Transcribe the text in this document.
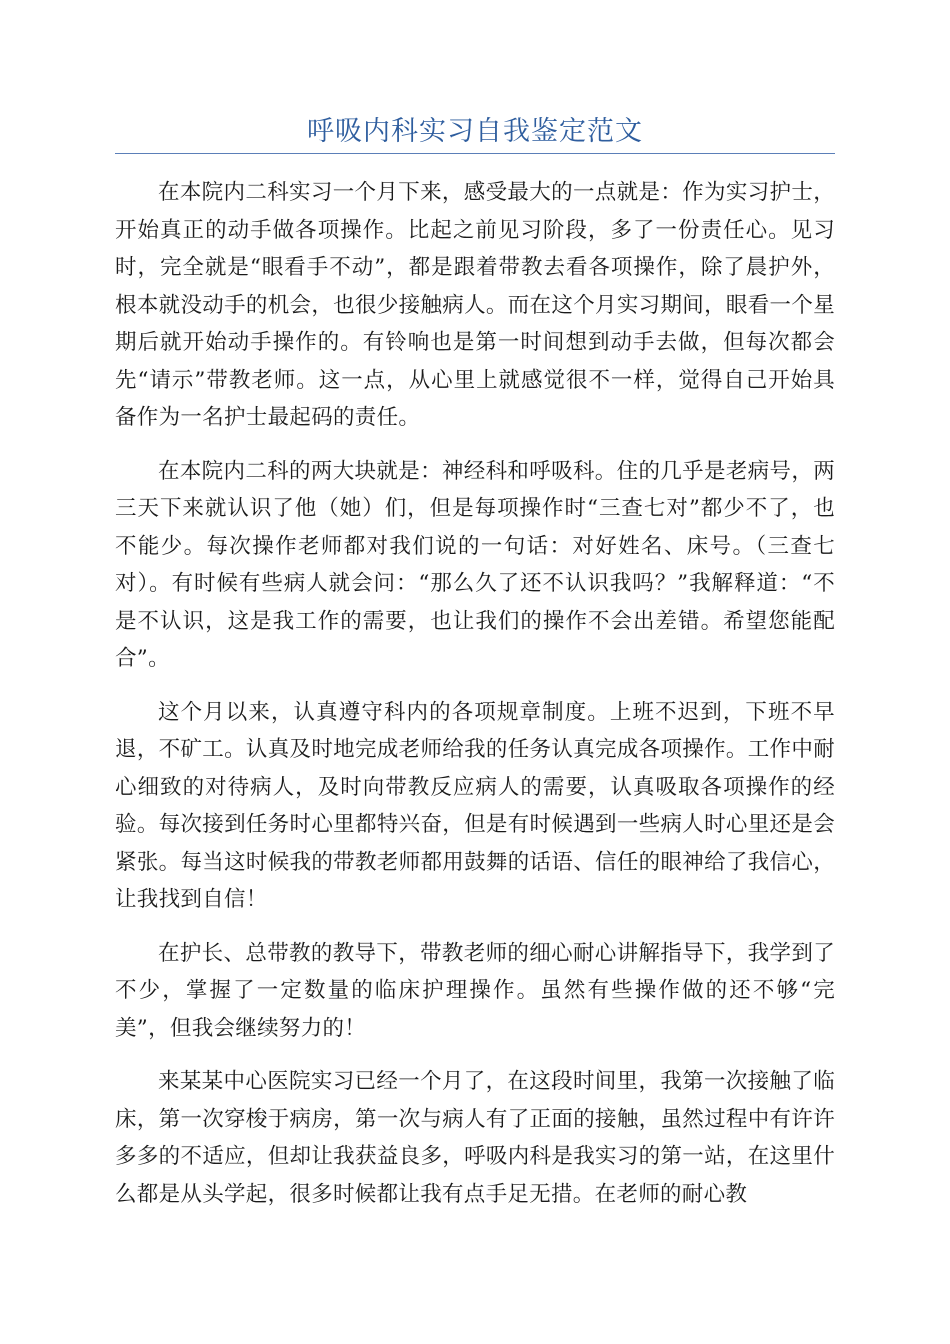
呼吸内科实习自我鉴定范文

在本院内二科实习一个月下来，感受最大的一点就是：作为实习护士，开始真正的动手做各项操作。比起之前见习阶段，多了一份责任心。见习时，完全就是“眼看手不动”，都是跟着带教去看各项操作，除了晨护外，根本就没动手的机会，也很少接触病人。而在这个月实习期间，眼看一个星期后就开始动手操作的。有铃响也是第一时间想到动手去做，但每次都会先“请示”带教老师。这一点，从心里上就感觉很不一样，觉得自己开始具备作为一名护士最起码的责任。

在本院内二科的两大块就是：神经科和呼吸科。住的几乎是老病号，两三天下来就认识了他（她）们，但是每项操作时“三查七对”都少不了，也不能少。每次操作老师都对我们说的一句话：对好姓名、床号。（三查七对）。有时候有些病人就会问：“那么久了还不认识我吗？”我解释道：“不是不认识，这是我工作的需要，也让我们的操作不会出差错。希望您能配合”。

这个月以来，认真遵守科内的各项规章制度。上班不迟到，下班不早退，不矿工。认真及时地完成老师给我的任务认真完成各项操作。工作中耐心细致的对待病人，及时向带教反应病人的需要，认真吸取各项操作的经验。每次接到任务时心里都特兴奋，但是有时候遇到一些病人时心里还是会紧张。每当这时候我的带教老师都用鼓舞的话语、信任的眼神给了我信心，让我找到自信！

在护长、总带教的教导下，带教老师的细心耐心讲解指导下，我学到了不少，掌握了一定数量的临床护理操作。虽然有些操作做的还不够“完美”，但我会继续努力的！

来某某中心医院实习已经一个月了，在这段时间里，我第一次接触了临床，第一次穿梭于病房，第一次与病人有了正面的接触，虽然过程中有许许多多的不适应，但却让我获益良多，呼吸内科是我实习的第一站，在这里什么都是从头学起，很多时候都让我有点手足无措。在老师的耐心教
